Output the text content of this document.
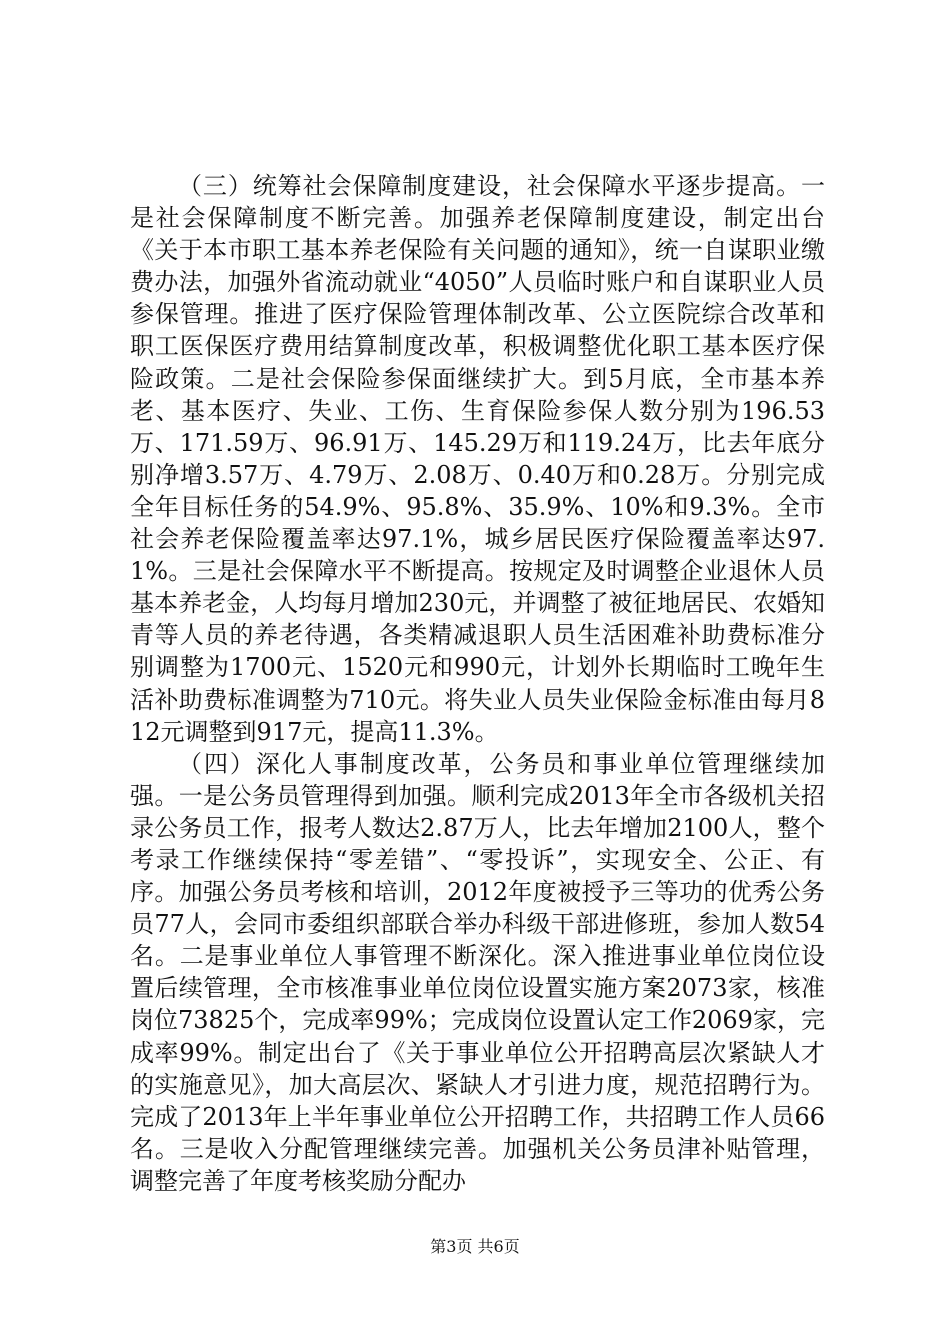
（三）统筹社会保障制度建设，社会保障水平逐步提高。一是社会保障制度不断完善。加强养老保障制度建设，制定出台《关于本市职工基本养老保险有关问题的通知》，统一自谋职业缴费办法，加强外省流动就业“4050”人员临时账户和自谋职业人员参保管理。推进了医疗保险管理体制改革、公立医院综合改革和职工医保医疗费用结算制度改革，积极调整优化职工基本医疗保险政策。二是社会保险参保面继续扩大。到5月底，全市基本养老、基本医疗、失业、工伤、生育保险参保人数分别为196.53万、171.59万、96.91万、145.29万和119.24万，比去年底分别净增3.57万、4.79万、2.08万、0.40万和0.28万。分别完成全年目标任务的54.9%、95.8%、35.9%、10%和9.3%。全市社会养老保险覆盖率达97.1%，城乡居民医疗保险覆盖率达97.1%。三是社会保障水平不断提高。按规定及时调整企业退休人员基本养老金，人均每月增加230元，并调整了被征地居民、农婚知青等人员的养老待遇，各类精减退职人员生活困难补助费标准分别调整为1700元、1520元和990元，计划外长期临时工晚年生活补助费标准调整为710元。将失业人员失业保险金标准由每月812元调整到917元，提高11.3%。

（四）深化人事制度改革，公务员和事业单位管理继续加强。一是公务员管理得到加强。顺利完成2013年全市各级机关招录公务员工作，报考人数达2.87万人，比去年增加2100人，整个考录工作继续保持“零差错”、“零投诉”，实现安全、公正、有序。加强公务员考核和培训，2012年度被授予三等功的优秀公务员77人，会同市委组织部联合举办科级干部进修班，参加人数54名。二是事业单位人事管理不断深化。深入推进事业单位岗位设置后续管理，全市核准事业单位岗位设置实施方案2073家，核准岗位73825个，完成率99%；完成岗位设置认定工作2069家，完成率99%。制定出台了《关于事业单位公开招聘高层次紧缺人才的实施意见》，加大高层次、紧缺人才引进力度，规范招聘行为。完成了2013年上半年事业单位公开招聘工作，共招聘工作人员66名。三是收入分配管理继续完善。加强机关公务员津补贴管理，调整完善了年度考核奖励分配办

第3页 共6页
